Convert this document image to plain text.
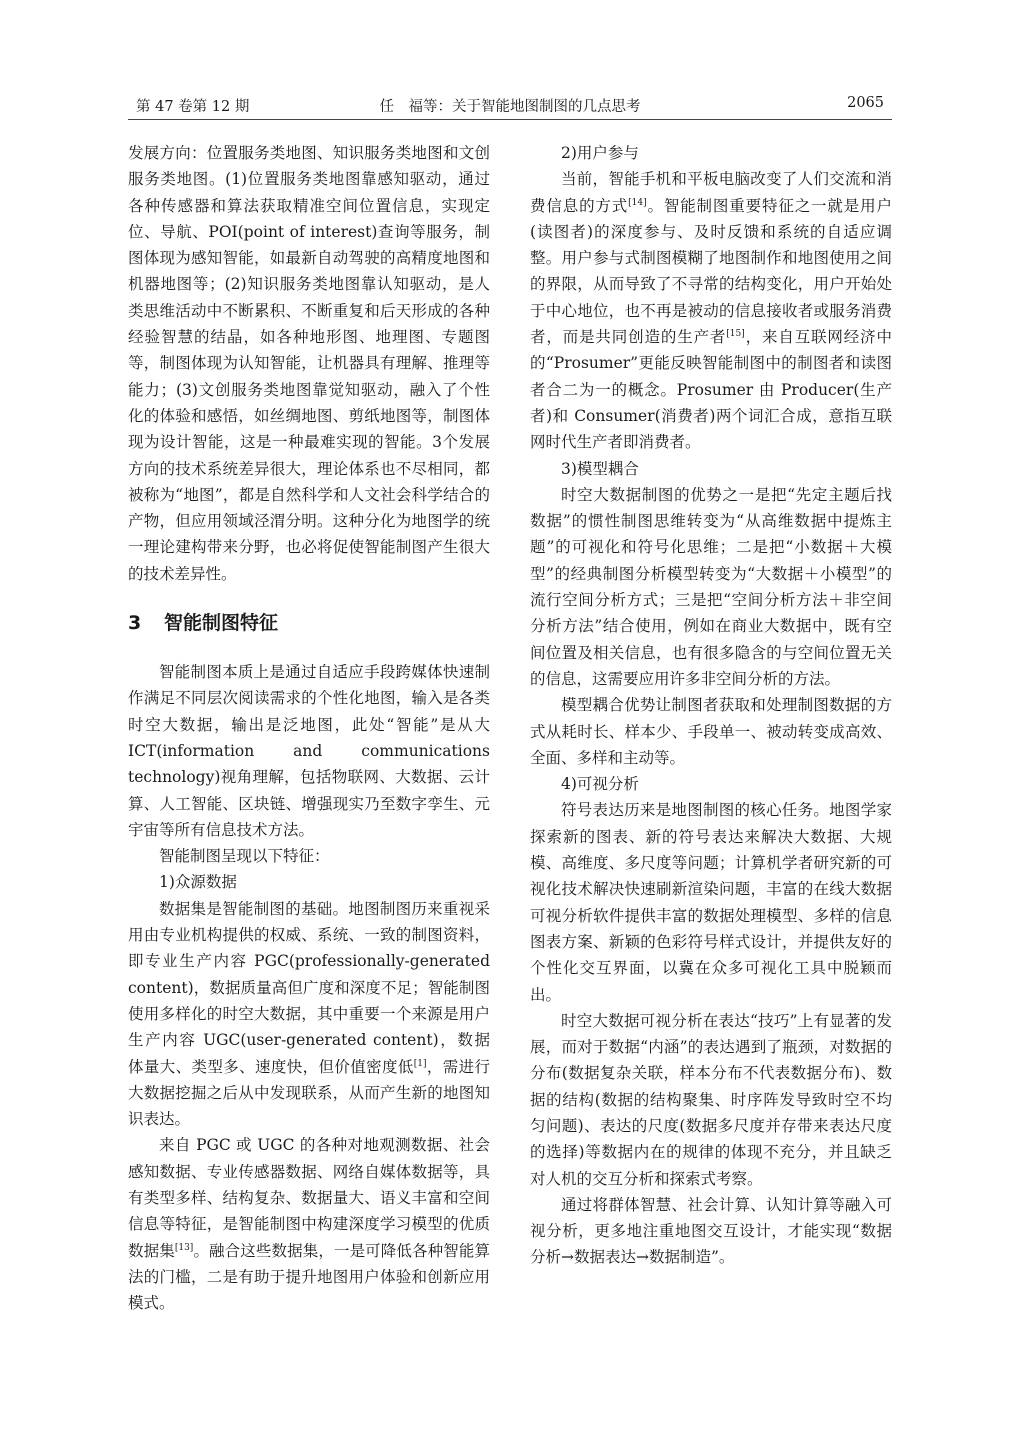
第 47 卷第 12 期	任　福等：关于智能地图制图的几点思考	2065

发展方向：位置服务类地图、知识服务类地图和文创服务类地图。(1)位置服务类地图靠感知驱动，通过各种传感器和算法获取精准空间位置信息，实现定位、导航、POI(point of interest)查询等服务，制图体现为感知智能，如最新自动驾驶的高精度地图和机器地图等；(2)知识服务类地图靠认知驱动，是人类思维活动中不断累积、不断重复和后天形成的各种经验智慧的结晶，如各种地形图、地理图、专题图等，制图体现为认知智能，让机器具有理解、推理等能力；(3)文创服务类地图靠觉知驱动，融入了个性化的体验和感悟，如丝绸地图、剪纸地图等，制图体现为设计智能，这是一种最难实现的智能。3个发展方向的技术系统差异很大，理论体系也不尽相同，都被称为“地图”，都是自然科学和人文社会科学结合的产物，但应用领域泾渭分明。这种分化为地图学的统一理论建构带来分野，也必将促使智能制图产生很大的技术差异性。

3 智能制图特征

智能制图本质上是通过自适应手段跨媒体快速制作满足不同层次阅读需求的个性化地图，输入是各类时空大数据，输出是泛地图，此处“智能”是从大 ICT(information and communications technology)视角理解，包括物联网、大数据、云计算、人工智能、区块链、增强现实乃至数字孪生、元宇宙等所有信息技术方法。

智能制图呈现以下特征：

1)众源数据

数据集是智能制图的基础。地图制图历来重视采用由专业机构提供的权威、系统、一致的制图资料，即专业生产内容 PGC(professionally-generated content)，数据质量高但广度和深度不足；智能制图使用多样化的时空大数据，其中重要一个来源是用户生产内容 UGC(user-generated content)，数据体量大、类型多、速度快，但价值密度低[1]，需进行大数据挖掘之后从中发现联系，从而产生新的地图知识表达。

来自 PGC 或 UGC 的各种对地观测数据、社会感知数据、专业传感器数据、网络自媒体数据等，具有类型多样、结构复杂、数据量大、语义丰富和空间信息等特征，是智能制图中构建深度学习模型的优质数据集[13]。融合这些数据集，一是可降低各种智能算法的门槛，二是有助于提升地图用户体验和创新应用模式。

2)用户参与

当前，智能手机和平板电脑改变了人们交流和消费信息的方式[14]。智能制图重要特征之一就是用户(读图者)的深度参与、及时反馈和系统的自适应调整。用户参与式制图模糊了地图制作和地图使用之间的界限，从而导致了不寻常的结构变化，用户开始处于中心地位，也不再是被动的信息接收者或服务消费者，而是共同创造的生产者[15]，来自互联网经济中的“Prosumer”更能反映智能制图中的制图者和读图者合二为一的概念。Prosumer 由 Producer(生产者)和 Consumer(消费者)两个词汇合成，意指互联网时代生产者即消费者。

3)模型耦合

时空大数据制图的优势之一是把“先定主题后找数据”的惯性制图思维转变为“从高维数据中提炼主题”的可视化和符号化思维；二是把“小数据＋大模型”的经典制图分析模型转变为“大数据＋小模型”的流行空间分析方式；三是把“空间分析方法＋非空间分析方法”结合使用，例如在商业大数据中，既有空间位置及相关信息，也有很多隐含的与空间位置无关的信息，这需要应用许多非空间分析的方法。

模型耦合优势让制图者获取和处理制图数据的方式从耗时长、样本少、手段单一、被动转变成高效、全面、多样和主动等。

4)可视分析

符号表达历来是地图制图的核心任务。地图学家探索新的图表、新的符号表达来解决大数据、大规模、高维度、多尺度等问题；计算机学者研究新的可视化技术解决快速刷新渲染问题，丰富的在线大数据可视分析软件提供丰富的数据处理模型、多样的信息图表方案、新颖的色彩符号样式设计，并提供友好的个性化交互界面，以冀在众多可视化工具中脱颖而出。

时空大数据可视分析在表达“技巧”上有显著的发展，而对于数据“内涵”的表达遇到了瓶颈，对数据的分布(数据复杂关联，样本分布不代表数据分布)、数据的结构(数据的结构聚集、时序阵发导致时空不均匀问题)、表达的尺度(数据多尺度并存带来表达尺度的选择)等数据内在的规律的体现不充分，并且缺乏对人机的交互分析和探索式考察。

通过将群体智慧、社会计算、认知计算等融入可视分析，更多地注重地图交互设计，才能实现“数据分析→数据表达→数据制造”。
